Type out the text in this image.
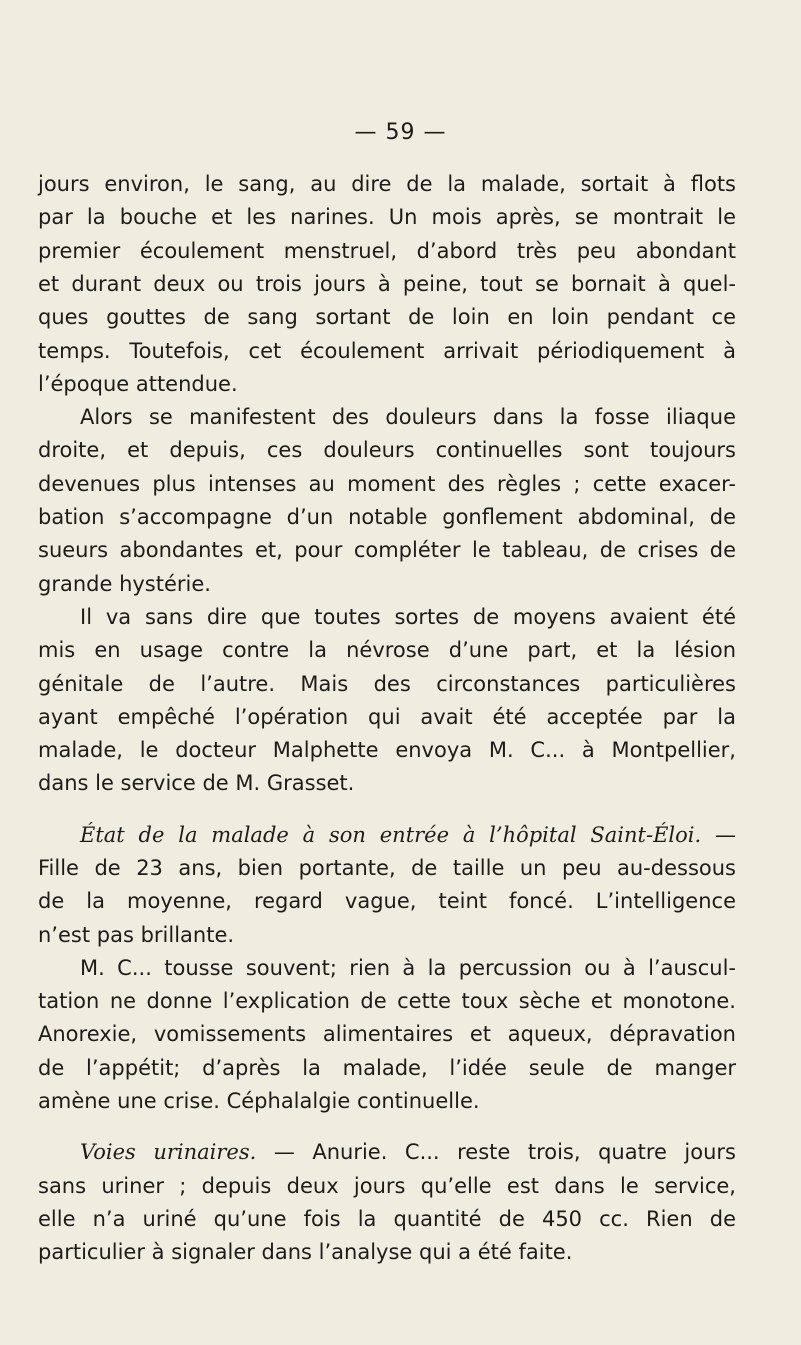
— 59 —
jours environ, le sang, au dire de la malade, sortait à flots
par la bouche et les narines. Un mois après, se montrait le
premier écoulement menstruel, d’abord très peu abondant
et durant deux ou trois jours à peine, tout se bornait à quel-
ques gouttes de sang sortant de loin en loin pendant ce
temps. Toutefois, cet écoulement arrivait périodiquement à
l’époque attendue.
Alors se manifestent des douleurs dans la fosse iliaque
droite, et depuis, ces douleurs continuelles sont toujours
devenues plus intenses au moment des règles ; cette exacer-
bation s’accompagne d’un notable gonflement abdominal, de
sueurs abondantes et, pour compléter le tableau, de crises de
grande hystérie.
Il va sans dire que toutes sortes de moyens avaient été
mis en usage contre la névrose d’une part, et la lésion
génitale de l’autre. Mais des circonstances particulières
ayant empêché l’opération qui avait été acceptée par la
malade, le docteur Malphette envoya M. C... à Montpellier,
dans le service de M. Grasset.
État de la malade à son entrée à l’hôpital Saint-Éloi. —
Fille de 23 ans, bien portante, de taille un peu au-dessous
de la moyenne, regard vague, teint foncé. L’intelligence
n’est pas brillante.
M. C... tousse souvent; rien à la percussion ou à l’auscul-
tation ne donne l’explication de cette toux sèche et monotone.
Anorexie, vomissements alimentaires et aqueux, dépravation
de l’appétit; d’après la malade, l’idée seule de manger
amène une crise. Céphalalgie continuelle.
Voies urinaires. — Anurie. C... reste trois, quatre jours
sans uriner ; depuis deux jours qu’elle est dans le service,
elle n’a uriné qu’une fois la quantité de 450 cc. Rien de
particulier à signaler dans l’analyse qui a été faite.
